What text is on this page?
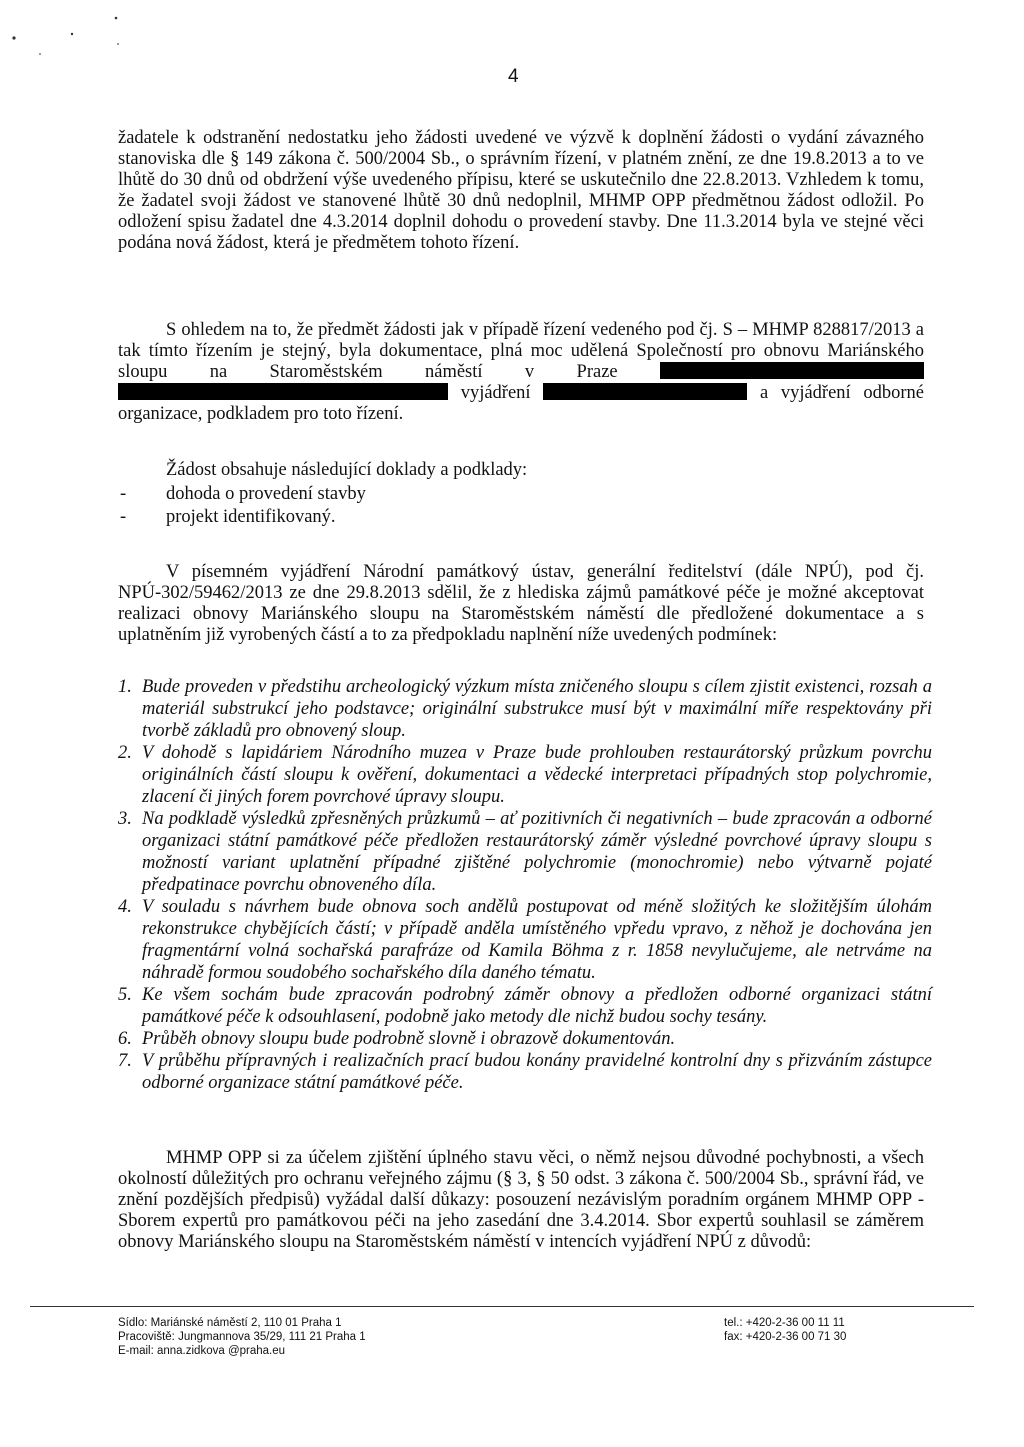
4

žadatele k odstranění nedostatku jeho žádosti uvedené ve výzvě k doplnění žádosti o vydání závazného stanoviska dle § 149 zákona č. 500/2004 Sb., o správním řízení, v platném znění, ze dne 19.8.2013 a to ve lhůtě do 30 dnů od obdržení výše uvedeného přípisu, které se uskutečnilo dne 22.8.2013. Vzhledem k tomu, že žadatel svoji žádost ve stanovené lhůtě 30 dnů nedoplnil, MHMP OPP předmětnou žádost odložil. Po odložení spisu žadatel dne 4.3.2014 doplnil dohodu o provedení stavby. Dne 11.3.2014 byla ve stejné věci podána nová žádost, která je předmětem tohoto řízení.

S ohledem na to, že předmět žádosti jak v případě řízení vedeného pod čj. S – MHMP 828817/2013 a tak tímto řízením je stejný, byla dokumentace, plná moc udělená Společností pro obnovu Mariánského sloupu na Staroměstském náměstí v Praze   vyjádření	a vyjádření odborné organizace, podkladem pro toto řízení.

Žádost obsahuje následující doklady a podklady:
- dohoda o provedení stavby
- projekt identifikovaný.

V písemném vyjádření Národní památkový ústav, generální ředitelství (dále NPÚ), pod čj. NPÚ-302/59462/2013 ze dne 29.8.2013 sdělil, že z hlediska zájmů památkové péče je možné akceptovat realizaci obnovy Mariánského sloupu na Staroměstském náměstí dle předložené dokumentace a s uplatněním již vyrobených částí a to za předpokladu naplnění níže uvedených podmínek:

1. Bude proveden v předstihu archeologický výzkum místa zničeného sloupu s cílem zjistit existenci, rozsah a materiál substrukcí jeho podstavce; originální substrukce musí být v maximální míře respektovány při tvorbě základů pro obnovený sloup.
2. V dohodě s lapidáriem Národního muzea v Praze bude prohlouben restaurátorský průzkum povrchu originálních částí sloupu k ověření, dokumentaci a vědecké interpretaci případných stop polychromie, zlacení či jiných forem povrchové úpravy sloupu.
3. Na podkladě výsledků zpřesněných průzkumů – ať pozitivních či negativních – bude zpracován a odborné organizaci státní památkové péče předložen restaurátorský záměr výsledné povrchové úpravy sloupu s možností variant uplatnění případné zjištěné polychromie (monochromie) nebo výtvarně pojaté předpatinace povrchu obnoveného díla.
4. V souladu s návrhem bude obnova soch andělů postupovat od méně složitých ke složitějším úlohám rekonstrukce chybějících částí; v případě anděla umístěného vpředu vpravo, z něhož je dochována jen fragmentární volná sochařská parafráze od Kamila Böhma z r. 1858 nevylučujeme, ale netrváme na náhradě formou soudobého sochařského díla daného tématu.
5. Ke všem sochám bude zpracován podrobný záměr obnovy a předložen odborné organizaci státní památkové péče k odsouhlasení, podobně jako metody dle nichž budou sochy tesány.
6. Průběh obnovy sloupu bude podrobně slovně i obrazově dokumentován.
7. V průběhu přípravných i realizačních prací budou konány pravidelné kontrolní dny s přizváním zástupce odborné organizace státní památkové péče.

MHMP OPP si za účelem zjištění úplného stavu věci, o němž nejsou důvodné pochybnosti, a všech okolností důležitých pro ochranu veřejného zájmu (§ 3, § 50 odst. 3 zákona č. 500/2004 Sb., správní řád, ve znění pozdějších předpisů) vyžádal další důkazy: posouzení nezávislým poradním orgánem MHMP OPP - Sborem expertů pro památkovou péči na jeho zasedání dne 3.4.2014. Sbor expertů souhlasil se záměrem obnovy Mariánského sloupu na Staroměstském náměstí v intencích vyjádření NPÚ z důvodů:

Sídlo: Mariánské náměstí 2, 110 01 Praha 1
Pracoviště: Jungmannova 35/29, 111 21 Praha 1
E-mail: anna.zidkova @praha.eu
tel.: +420-2-36 00 11 11
fax: +420-2-36 00 71 30
